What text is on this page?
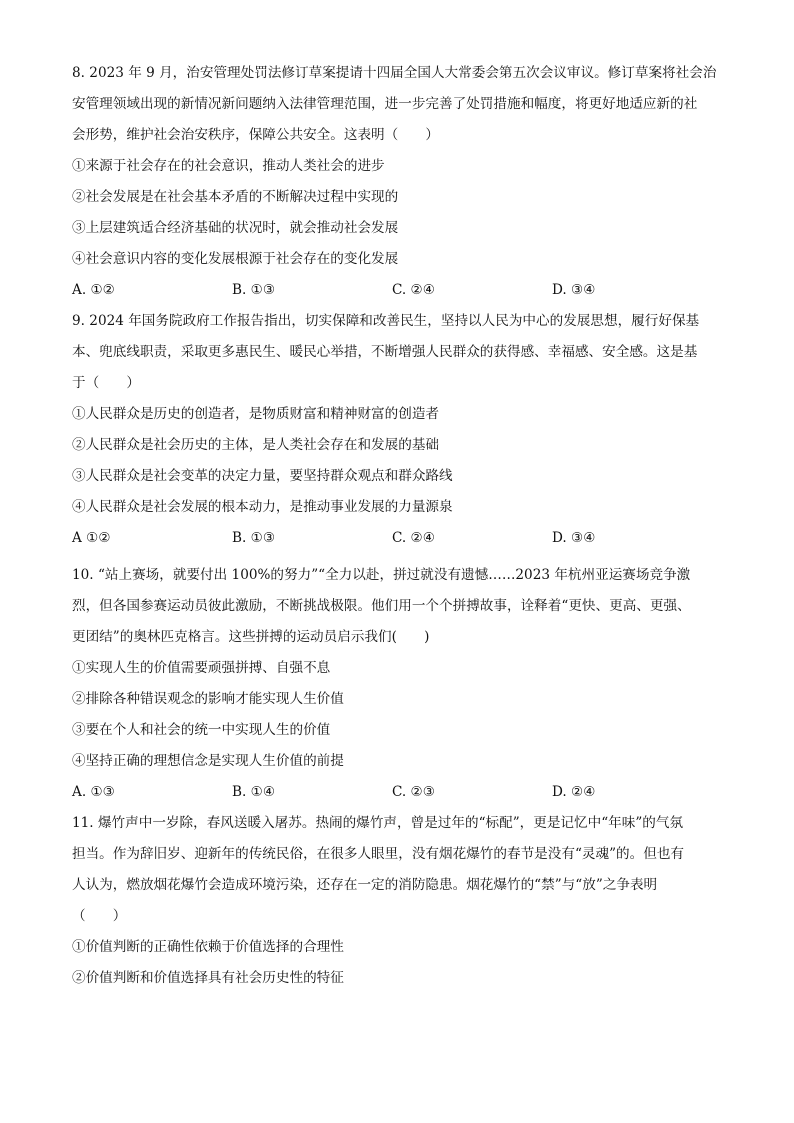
8. 2023 年 9 月，治安管理处罚法修订草案提请十四届全国人大常委会第五次会议审议。修订草案将社会治

安管理领域出现的新情况新问题纳入法律管理范围，进一步完善了处罚措施和幅度，将更好地适应新的社

会形势，维护社会治安秩序，保障公共安全。这表明（　　）

①来源于社会存在的社会意识，推动人类社会的进步

②社会发展是在社会基本矛盾的不断解决过程中实现的

③上层建筑适合经济基础的状况时，就会推动社会发展

④社会意识内容的变化发展根源于社会存在的变化发展

A. ①②	B. ①③	C. ②④	D. ③④

9. 2024 年国务院政府工作报告指出，切实保障和改善民生，坚持以人民为中心的发展思想，履行好保基

本、兜底线职责，采取更多惠民生、暖民心举措，不断增强人民群众的获得感、幸福感、安全感。这是基

于（　　）

①人民群众是历史的创造者，是物质财富和精神财富的创造者

②人民群众是社会历史的主体，是人类社会存在和发展的基础

③人民群众是社会变革的决定力量，要坚持群众观点和群众路线

④人民群众是社会发展的根本动力，是推动事业发展的力量源泉

A ①②	B. ①③	C. ②④	D. ③④

10. “站上赛场，就要付出 100%的努力”“全力以赴，拼过就没有遗憾……2023 年杭州亚运赛场竞争激

烈，但各国参赛运动员彼此激励，不断挑战极限。他们用一个个拼搏故事，诠释着“更快、更高、更强、

更团结”的奥林匹克格言。这些拼搏的运动员启示我们(　　)

①实现人生的价值需要顽强拼搏、自强不息

②排除各种错误观念的影响才能实现人生价值

③要在个人和社会的统一中实现人生的价值

④坚持正确的理想信念是实现人生价值的前提

A. ①③	B. ①④	C. ②③	D. ②④

11. 爆竹声中一岁除，春风送暖入屠苏。热闹的爆竹声，曾是过年的“标配”，更是记忆中“年味”的气氛

担当。作为辞旧岁、迎新年的传统民俗，在很多人眼里，没有烟花爆竹的春节是没有“灵魂”的。但也有

人认为，燃放烟花爆竹会造成环境污染，还存在一定的消防隐患。烟花爆竹的“禁”与“放”之争表明

（　　）

①价值判断的正确性依赖于价值选择的合理性

②价值判断和价值选择具有社会历史性的特征
